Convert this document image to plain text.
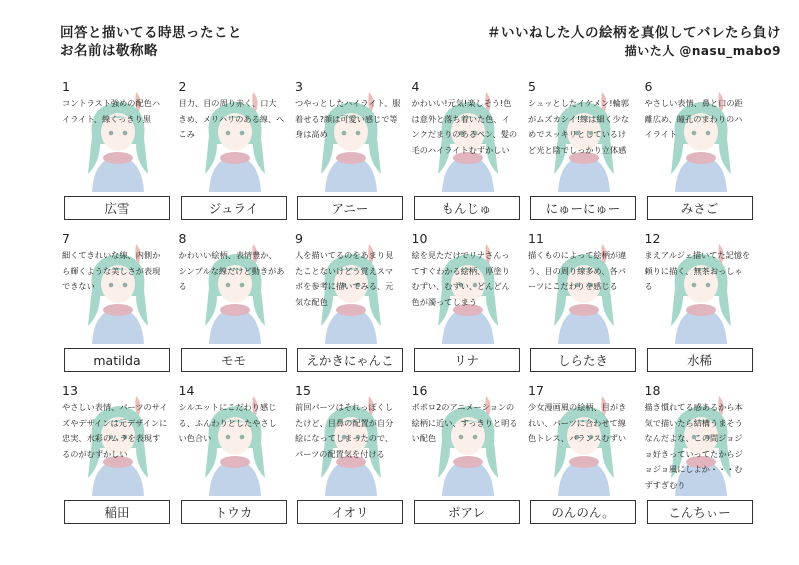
回答と描いてる時思ったこと
お名前は敬称略
＃いいねした人の絵柄を真似してバレたら負け
描いた人 @nasu_mabo9
1
コントラスト強めの配色ハイライト、線くっきり黒
広雪
2
目力、目の周り赤く、口大きめ、メリハリのある線、へこみ
ジュライ
3
つやっとしたハイライト、服着せる?顔は可愛い感じで等身は高め
アニー
4
かわいい!元気!楽しそう!色は意外と落ち着いた色、インクだまりのあるペン、髪の毛のハイライトむずかしい
もんじゅ
5
シュッとしたイケメン!輪郭がムズカシイ!線は細く少なめでスッキリとしているけど光と陰でしっかり立体感
にゅーにゅー
6
やさしい表情、鼻と口の距離広め、瞳孔のまわりのハイライト
みさご
7
細くてきれいな線、内側から輝くような美しさが表現できない
matilda
8
かわいい絵柄、表情豊か、シンプルな線だけど動きがある
モモ
9
人を描いてるのをあまり見たことないけどう覚えスマボを参考に描いてみる、元気な配色
えかきにゃんこ
10
絵を見ただけでリナさんってすぐわかる絵柄、厚塗りむずい、むずい、どんどん色が濁ってしまう
リナ
11
描くものによって絵柄が違う、目の周り線多め、各パーツにこだわりを感じる
しらたき
12
まえアルジェ描いてた記憶を頼りに描く、無茶おっしゃる
水稀
13
やさしい表情、パーツのサイズやデザインは元デザインに忠実、水彩のムラを表現するのがむずかしい
稲田
14
シルエットにこだわり感じる、ふんわりとしたやさしい色合い
トウカ
15
前回パーツはそれっぽくしたけど、目鼻の配置が自分絵になってしまったので、パーツの配置気を付ける
イオリ
16
ポポロ2のアニメーションの絵柄に近い、すっきりと明るい配色
ポアレ
17
少女漫画風の絵柄、目がきれい、パーツに合わせて線色トレス、バランスむずい
のんのん。
18
描き慣れてる感あるから本気で描いたら結構うまそうなんだよな、この間ジョジョ好きっていってたからジョジョ風にしよか・・・むずすぎむり
こんちぃー
